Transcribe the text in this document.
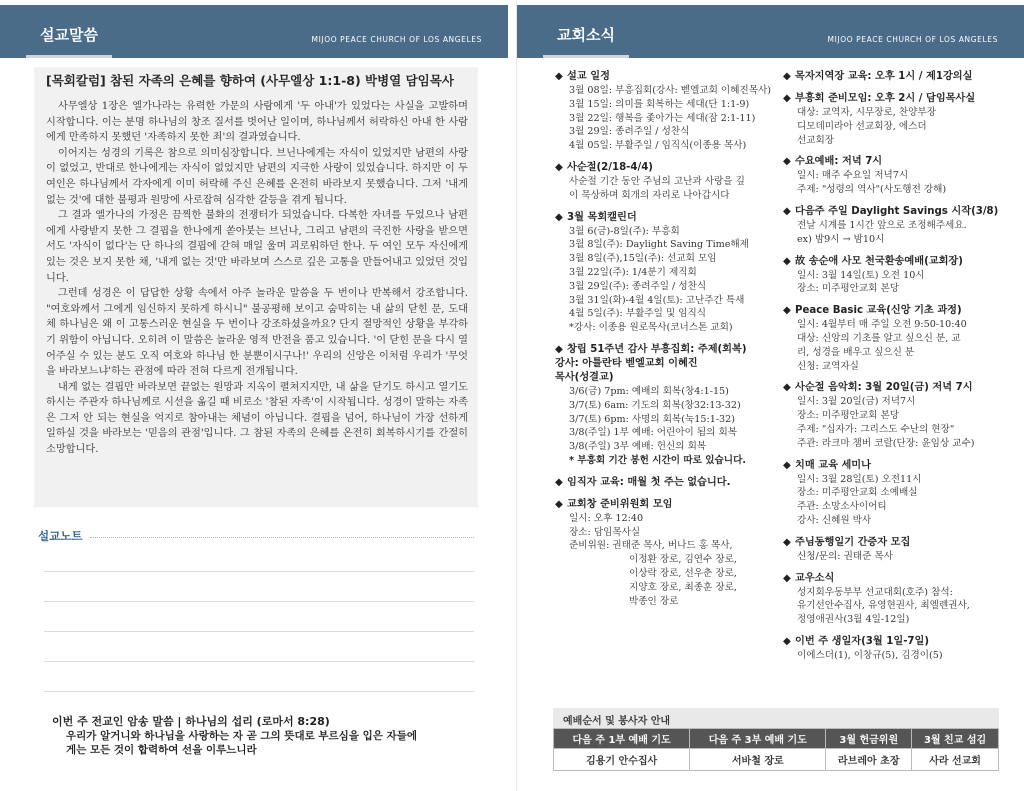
설교말씀	MIJOO PEACE CHURCH OF LOS ANGELES
[목회칼럼] 참된 자족의 은혜를 향하여 (사무엘상 1:1-8) 박병열 담임목사

사무엘상 1장은 엘가나라는 유력한 가문의 사람에게 '두 아내'가 있었다는 사실을 고발하며 시작합니다. 이는 분명 하나님의 창조 질서를 벗어난 일이며, 하나님께서 허락하신 아내 한 사람에게 만족하지 못했던 '자족하지 못한 죄'의 결과였습니다.

이어지는 성경의 기록은 참으로 의미심장합니다. 브닌나에게는 자식이 있었지만 남편의 사랑이 없었고, 반대로 한나에게는 자식이 없었지만 남편의 지극한 사랑이 있었습니다. 하지만 이 두 여인은 하나님께서 각자에게 이미 허락해 주신 은혜를 온전히 바라보지 못했습니다. 그저 '내게 없는 것'에 대한 불평과 원망에 사로잡혀 심각한 갈등을 겪게 됩니다.

그 결과 엘가나의 가정은 끔찍한 불화의 전쟁터가 되었습니다. 다복한 자녀를 두었으나 남편에게 사랑받지 못한 그 결핍을 한나에게 쏟아붓는 브닌나, 그리고 남편의 극진한 사랑을 받으면서도 '자식이 없다'는 단 하나의 결핍에 갇혀 매일 울며 괴로워하던 한나. 두 여인 모두 자신에게 있는 것은 보지 못한 채, '내게 없는 것'만 바라보며 스스로 깊은 고통을 만들어내고 있었던 것입니다.

그런데 성경은 이 답답한 상황 속에서 아주 놀라운 말씀을 두 번이나 반복해서 강조합니다. "여호와께서 그에게 임신하지 못하게 하시니" 불공평해 보이고 숨막히는 내 삶의 닫힌 문, 도대체 하나님은 왜 이 고통스러운 현실을 두 번이나 강조하셨을까요? 단지 절망적인 상황을 부각하기 위함이 아닙니다. 오히려 이 말씀은 놀라운 영적 반전을 품고 있습니다. '이 닫힌 문을 다시 열어주실 수 있는 분도 오직 여호와 하나님 한 분뿐이시구나!' 우리의 신앙은 이처럼 우리가 '무엇을 바라보느냐'하는 관점에 따라 전혀 다르게 전개됩니다.

내게 없는 결핍만 바라보면 끝없는 원망과 지옥이 펼쳐지지만, 내 삶을 닫기도 하시고 열기도 하시는 주관자 하나님께로 시선을 옮길 때 비로소 '참된 자족'이 시작됩니다. 성경이 말하는 자족은 그저 안 되는 현실을 억지로 참아내는 체념이 아닙니다. 결핍을 넘어, 하나님이 가장 선하게 일하실 것을 바라보는 '믿음의 관점'입니다. 그 참된 자족의 은혜를 온전히 회복하시기를 간절히 소망합니다.

설교노트
이번 주 전교인 암송 말씀 | 하나님의 섭리 (로마서 8:28)
우리가 알거니와 하나님을 사랑하는 자 곧 그의 뜻대로 부르심을 입은 자들에
게는 모든 것이 합력하여 선을 이루느니라
교회소식	MIJOO PEACE CHURCH OF LOS ANGELES
◆ 설교 일정
3월 08일: 부흥집회(강사: 벧엘교회 이혜진목사)
3월 15일: 의미를 회복하는 세대(단 1:1-9)
3월 22일: 행복을 좇아가는 세대(잠 2:1-11)
3월 29일: 종려주일 / 성찬식
4월 05일: 부활주일 / 임직식(이종용 목사)
◆ 사순절(2/18-4/4)
사순절 기간 동안 주님의 고난과 사랑을 깊
이 묵상하며 회개의 자리로 나아갑시다
◆ 3월 목회캘린더
3월 6(금)-8일(주): 부흥회
3월 8일(주): Daylight Saving Time해제
3월 8일(주),15일(주): 선교회 모임
3월 22일(주): 1/4분기 제직회
3월 29일(주): 종려주일 / 성찬식
3월 31일(화)-4월 4일(토): 고난주간 특새
4월 5일(주): 부활주일 및 임직식
*강사: 이종용 원로목사(코너스톤 교회)
◆ 창립 51주년 감사 부흥집회: 주제(회복)
강사: 아틀란타 벧엘교회 이혜진
목사(성결교)
3/6(금) 7pm: 예배의 회복(창4:1-15)
3/7(토) 6am: 기도의 회복(창32:13-32)
3/7(토) 6pm: 사명의 회복(눅15:1-32)
3/8(주일) 1부 예배: 어린아이 됨의 회복
3/8(주일) 3부 예배: 헌신의 회복
* 부흥회 기간 봉헌 시간이 따로 있습니다.
◆ 임직자 교육: 매월 첫 주는 없습니다.
◆ 교회창 준비위원회 모임
일시: 오후 12:40
장소: 담임목사실
준비위원: 권태준 목사, 버나드 홍 목사,
이정환 장로, 김연수 장로,
이상락 장로, 선우춘 장로,
지양호 장로, 최종훈 장로,
박종인 장로
◆ 목자지역장 교육: 오후 1시 / 제1강의실
◆ 부흥회 준비모임: 오후 2시 / 담임목사실
대상: 교역자, 시무장로, 찬양부장
디모데미라아 선교회장, 에스더
선교회장
◆ 수요예배: 저녁 7시
일시: 매주 수요일 저녁7시
주제: "성령의 역사"(사도행전 강해)
◆ 다음주 주일 Daylight Savings 시작(3/8)
전날 시계를 1시간 앞으로 조정해주세요.
ex) 밤9시 → 밤10시
◆ 故 송순애 사모 천국환송예배(교회장)
일시: 3월 14일(토) 오전 10시
장소: 미주평안교회 본당
◆ Peace Basic 교육(신앙 기초 과정)
일시: 4월부터 매 주일 오전 9:50-10:40
대상: 신앙의 기초를 알고 싶으신 분, 교
리, 성경을 배우고 싶으신 분
신청: 교역자실
◆ 사순절 음악회: 3월 20일(금) 저녁 7시
일시: 3월 20일(금) 저녁7시
장소: 미주평안교회 본당
주제: "십자가: 그리스도 수난의 현장"
주관: 라크마 챔버 코랄(단장: 윤임상 교수)
◆ 치매 교육 세미나
일시: 3월 28일(토) 오전11시
장소: 미주평안교회 소예배실
주관: 소망소사이어티
강사: 신혜원 박사
◆ 주님동행일기 간증자 모집
신청/문의: 권태준 목사
◆ 교우소식
성지회우동부부 선교대회(호주) 참석:
유기선안수집사, 유영현권사, 최엘렌권사,
정영애권사(3월 4일-12일)
◆ 이번 주 생일자(3월 1일-7일)
이에스더(1), 이창규(5), 김경이(5)
예배순서 및 봉사자 안내
다음 주 1부 예배 기도	다음 주 3부 예배 기도	3월 헌금위원	3월 친교 섬김
김용기 안수집사	서바철 장로	라브레아 초장	사라 선교회
